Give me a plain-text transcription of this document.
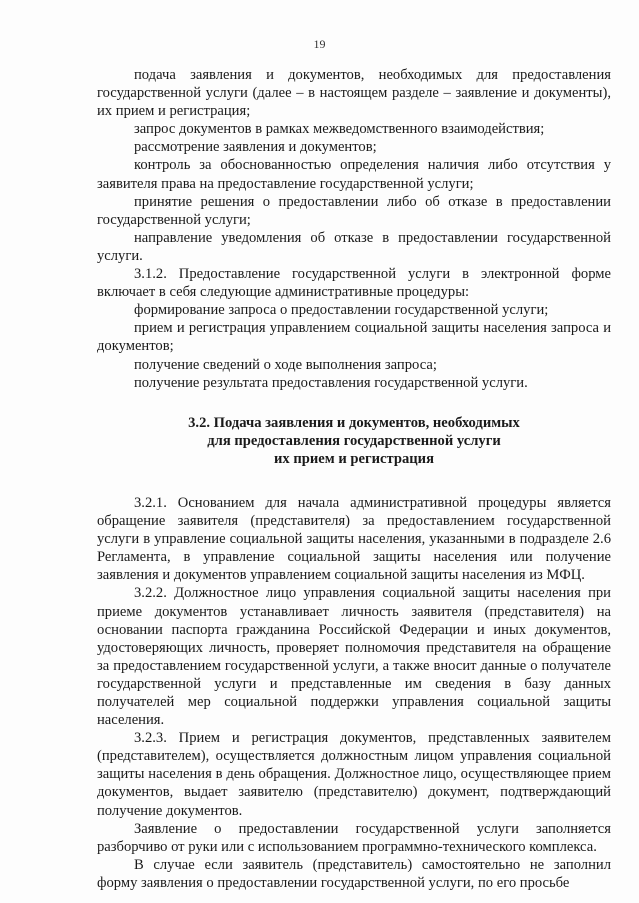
19

подача заявления и документов, необходимых для предоставления государственной услуги (далее – в настоящем разделе – заявление и документы), их прием и регистрация;

запрос документов в рамках межведомственного взаимодействия;

рассмотрение заявления и документов;

контроль за обоснованностью определения наличия либо отсутствия у заявителя права на предоставление государственной услуги;

принятие решения о предоставлении либо об отказе в предоставлении государственной услуги;

направление уведомления об отказе в предоставлении государственной услуги.

3.1.2. Предоставление государственной услуги в электронной форме включает в себя следующие административные процедуры:

формирование запроса о предоставлении государственной услуги;

прием и регистрация управлением социальной защиты населения запроса и документов;

получение сведений о ходе выполнения запроса;

получение результата предоставления государственной услуги.

3.2. Подача заявления и документов, необходимых
для предоставления государственной услуги
их прием и регистрация

3.2.1. Основанием для начала административной процедуры является обращение заявителя (представителя) за предоставлением государственной услуги в управление социальной защиты населения, указанными в подразделе 2.6 Регламента, в управление социальной защиты населения или получение заявления и документов управлением социальной защиты населения из МФЦ.

3.2.2. Должностное лицо управления социальной защиты населения при приеме документов устанавливает личность заявителя (представителя) на основании паспорта гражданина Российской Федерации и иных документов, удостоверяющих личность, проверяет полномочия представителя на обращение за предоставлением государственной услуги, а также вносит данные о получателе государственной услуги и представленные им сведения в базу данных получателей мер социальной поддержки управления социальной защиты населения.

3.2.3. Прием и регистрация документов, представленных заявителем (представителем), осуществляется должностным лицом управления социальной защиты населения в день обращения. Должностное лицо, осуществляющее прием документов, выдает заявителю (представителю) документ, подтверждающий получение документов.

Заявление о предоставлении государственной услуги заполняется разборчиво от руки или с использованием программно-технического комплекса.

В случае если заявитель (представитель) самостоятельно не заполнил форму заявления о предоставлении государственной услуги, по его просьбе
